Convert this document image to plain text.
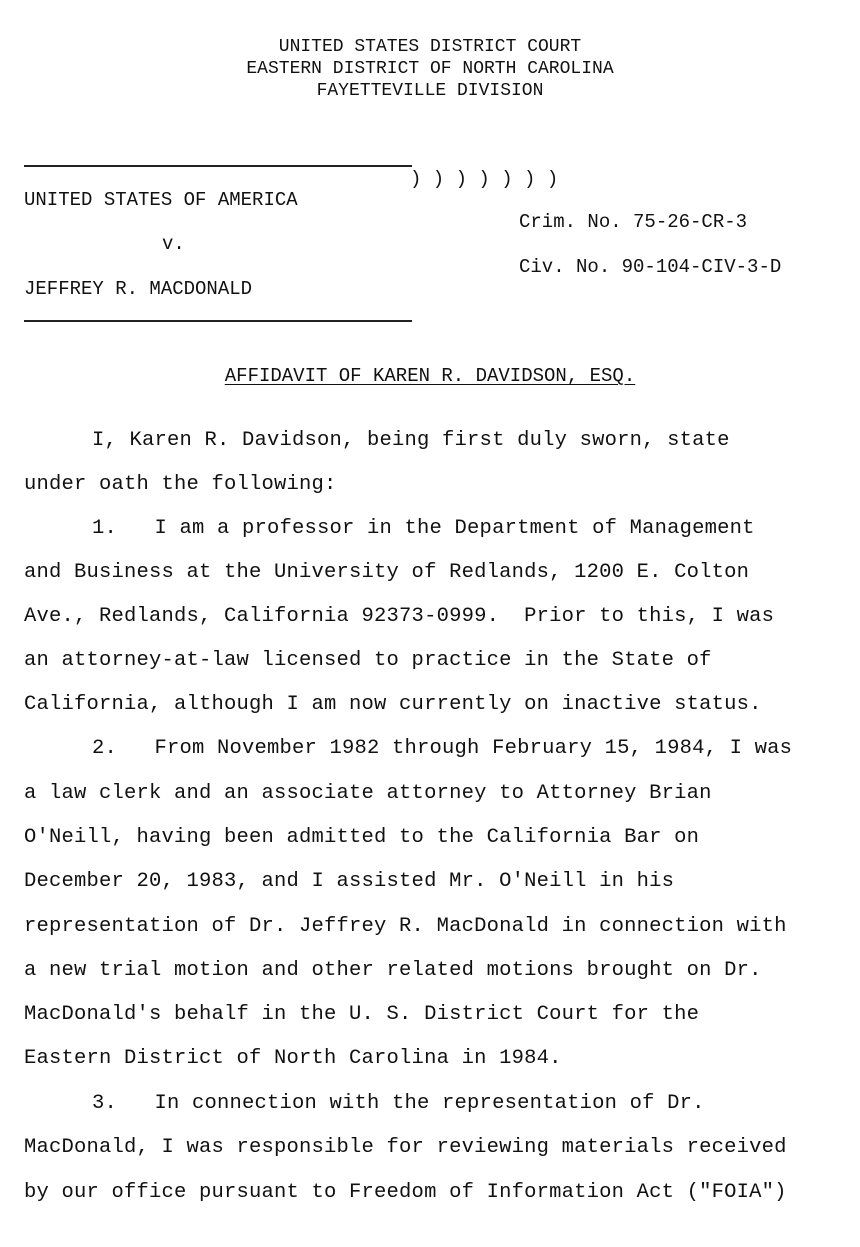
UNITED STATES DISTRICT COURT
EASTERN DISTRICT OF NORTH CAROLINA
FAYETTEVILLE DIVISION
UNITED STATES OF AMERICA
v.
JEFFREY R. MACDONALD
) ) ) ) ) ) )
Crim. No. 75-26-CR-3
Civ. No. 90-104-CIV-3-D
AFFIDAVIT OF KAREN R. DAVIDSON, ESQ.
I, Karen R. Davidson, being first duly sworn, state
under oath the following:
1.   I am a professor in the Department of Management
and Business at the University of Redlands, 1200 E. Colton
Ave., Redlands, California 92373-0999.  Prior to this, I was
an attorney-at-law licensed to practice in the State of
California, although I am now currently on inactive status.
2.   From November 1982 through February 15, 1984, I was
a law clerk and an associate attorney to Attorney Brian
O'Neill, having been admitted to the California Bar on
December 20, 1983, and I assisted Mr. O'Neill in his
representation of Dr. Jeffrey R. MacDonald in connection with
a new trial motion and other related motions brought on Dr.
MacDonald's behalf in the U. S. District Court for the
Eastern District of North Carolina in 1984.
3.   In connection with the representation of Dr.
MacDonald, I was responsible for reviewing materials received
by our office pursuant to Freedom of Information Act ("FOIA")
